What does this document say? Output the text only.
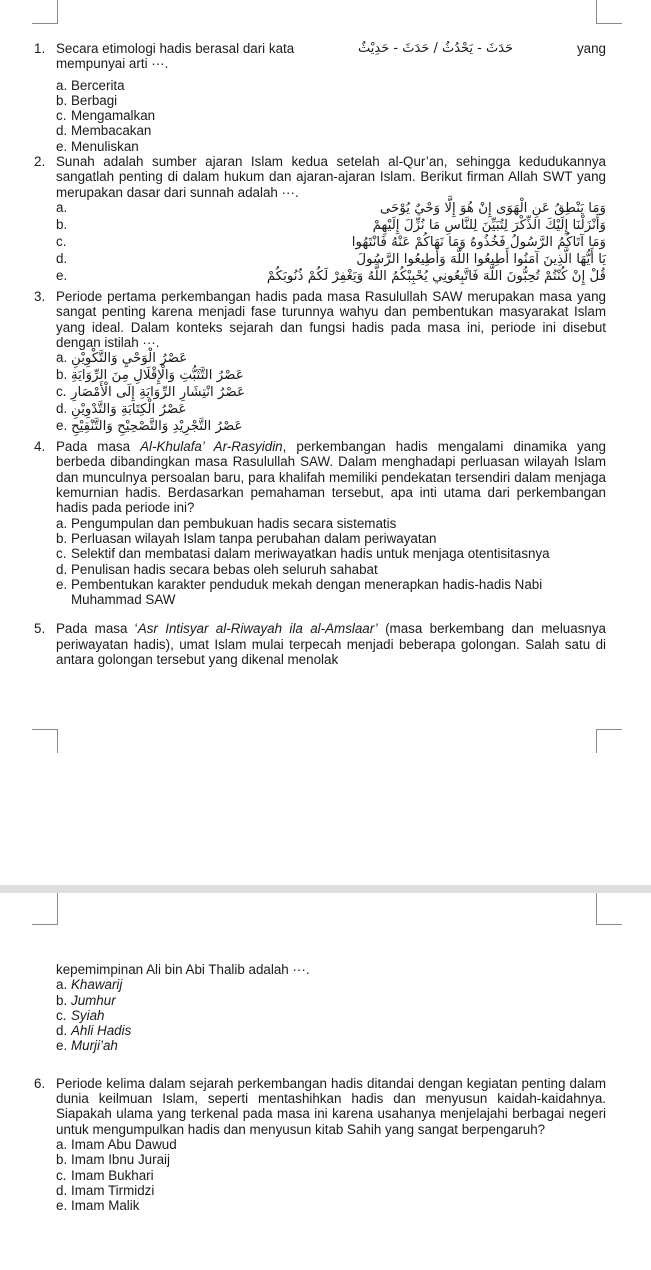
1. Secara etimologi hadis berasal dari kata	حَدَثَ - يَحْدُثُ / حَدَثَ - حَدِيْثٌ	yang
mempunyai arti ···.
a. Bercerita
b. Berbagi
c. Mengamalkan
d. Membacakan
e. Menuliskan
2. Sunah adalah sumber ajaran Islam kedua setelah al-Qur’an, sehingga kedudukannya sangatlah penting di dalam hukum dan ajaran-ajaran Islam. Berikut firman Allah SWT yang merupakan dasar dari sunnah adalah ···.
a.	وَمَا يَنْطِقُ عَنِ الْهَوَى إِنْ هُوَ إِلَّا وَحْيٌ يُوْحَى
b.	وَأَنْزَلْنَا إِلَيْكَ الذِّكْرَ لِتُبَيِّنَ لِلنَّاسِ مَا نُزِّلَ إِلَيْهِمْ
c.	وَمَا آتَاكُمُ الرَّسُولُ فَخُذُوهُ وَمَا نَهَاكُمْ عَنْهُ فَانْتَهُوا
d.	يَا أَيُّهَا الَّذِينَ آمَنُوا أَطِيعُوا اللَّهَ وَأَطِيعُوا الرَّسُولَ
e.	قُلْ إِنْ كُنْتُمْ تُحِبُّونَ اللَّهَ فَاتَّبِعُونِي يُحْبِبْكُمُ اللَّهُ وَيَغْفِرْ لَكُمْ ذُنُوبَكُمْ
3. Periode pertama perkembangan hadis pada masa Rasulullah SAW merupakan masa yang sangat penting karena menjadi fase turunnya wahyu dan pembentukan masyarakat Islam yang ideal. Dalam konteks sejarah dan fungsi hadis pada masa ini, periode ini disebut dengan istilah ···.
a. عَصْرُ الْوَحْيِ وَالتَّكْوِيْنِ
b. عَصْرُ التَّثَبُّتِ وَالْإِقْلَالِ مِنَ الرِّوَايَةِ
c. عَصْرُ انْتِشَارِ الرِّوَايَةِ إِلَى الْأَمْصَارِ
d. عَصْرُ الْكِتَابَةِ وَالتَّدْوِيْنِ
e. عَصْرُ التَّجْرِيْدِ وَالتَّصْحِيْحِ وَالتَّنْقِيْحِ
4. Pada masa Al-Khulafa’ Ar-Rasyidin, perkembangan hadis mengalami dinamika yang berbeda dibandingkan masa Rasulullah SAW. Dalam menghadapi perluasan wilayah Islam dan munculnya persoalan baru, para khalifah memiliki pendekatan tersendiri dalam menjaga kemurnian hadis. Berdasarkan pemahaman tersebut, apa inti utama dari perkembangan hadis pada periode ini?
a. Pengumpulan dan pembukuan hadis secara sistematis
b. Perluasan wilayah Islam tanpa perubahan dalam periwayatan
c. Selektif dan membatasi dalam meriwayatkan hadis untuk menjaga otentisitasnya
d. Penulisan hadis secara bebas oleh seluruh sahabat
e. Pembentukan karakter penduduk mekah dengan menerapkan hadis-hadis Nabi Muhammad SAW
5. Pada masa ‘Asr Intisyar al-Riwayah ila al-Amslaar’ (masa berkembang dan meluasnya periwayatan hadis), umat Islam mulai terpecah menjadi beberapa golongan. Salah satu di antara golongan tersebut yang dikenal menolak
kepemimpinan Ali bin Abi Thalib adalah ···.
a. Khawarij
b. Jumhur
c. Syiah
d. Ahli Hadis
e. Murji’ah
6. Periode kelima dalam sejarah perkembangan hadis ditandai dengan kegiatan penting dalam dunia keilmuan Islam, seperti mentashihkan hadis dan menyusun kaidah-kaidahnya. Siapakah ulama yang terkenal pada masa ini karena usahanya menjelajahi berbagai negeri untuk mengumpulkan hadis dan menyusun kitab Sahih yang sangat berpengaruh?
a. Imam Abu Dawud
b. Imam Ibnu Juraij
c. Imam Bukhari
d. Imam Tirmidzi
e. Imam Malik
